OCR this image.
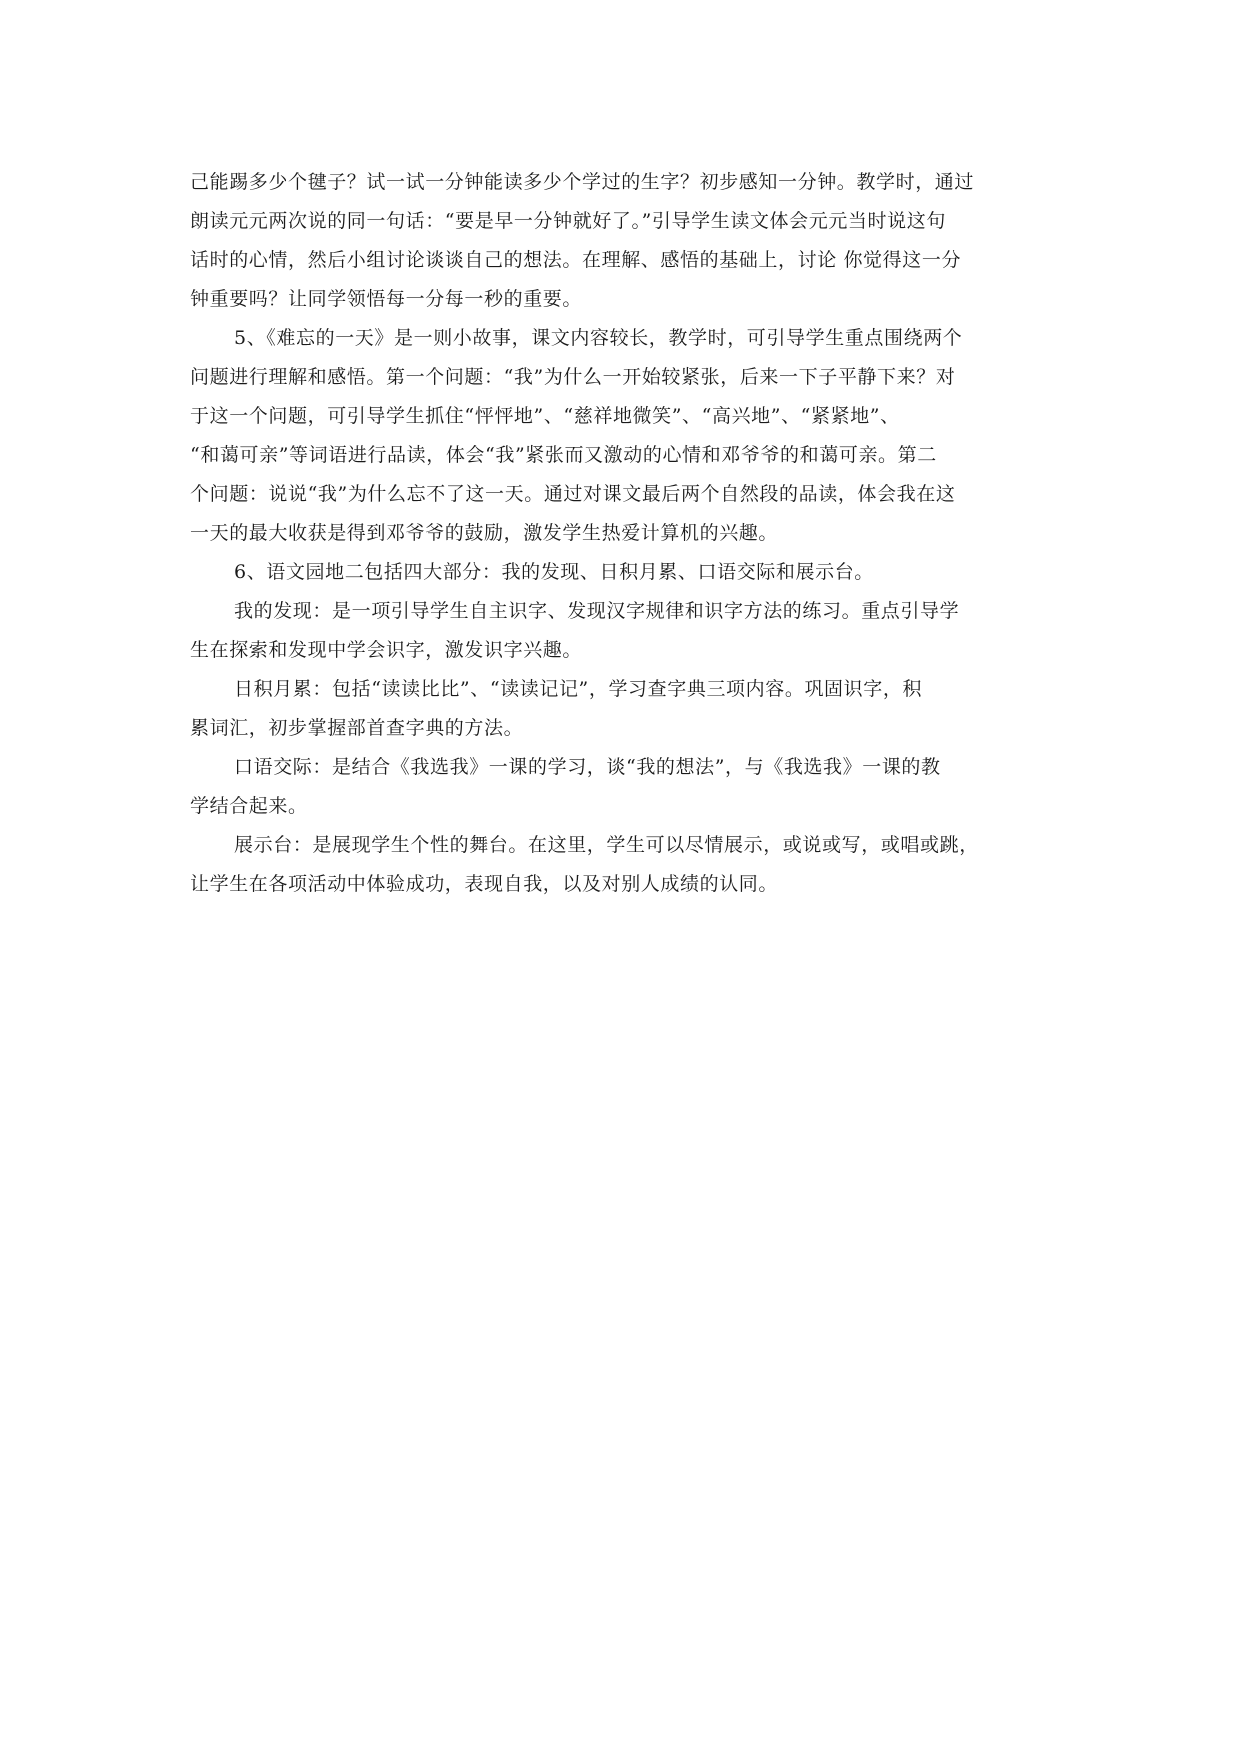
己能踢多少个毽子？试一试一分钟能读多少个学过的生字？初步感知一分钟。教学时，通过
朗读元元两次说的同一句话：“要是早一分钟就好了。”引导学生读文体会元元当时说这句
话时的心情，然后小组讨论谈谈自己的想法。在理解、感悟的基础上，讨论 你觉得这一分
钟重要吗？让同学领悟每一分每一秒的重要。
5、《难忘的一天》是一则小故事，课文内容较长，教学时，可引导学生重点围绕两个
问题进行理解和感悟。第一个问题：“我”为什么一开始较紧张，后来一下子平静下来？对
于这一个问题，可引导学生抓住“怦怦地”、“慈祥地微笑”、“高兴地”、“紧紧地”、
“和蔼可亲”等词语进行品读，体会“我”紧张而又激动的心情和邓爷爷的和蔼可亲。第二
个问题：说说“我”为什么忘不了这一天。通过对课文最后两个自然段的品读，体会我在这
一天的最大收获是得到邓爷爷的鼓励，激发学生热爱计算机的兴趣。
6、语文园地二包括四大部分：我的发现、日积月累、口语交际和展示台。
我的发现：是一项引导学生自主识字、发现汉字规律和识字方法的练习。重点引导学
生在探索和发现中学会识字，激发识字兴趣。
日积月累：包括“读读比比”、“读读记记”，学习查字典三项内容。巩固识字，积
累词汇，初步掌握部首查字典的方法。
口语交际：是结合《我选我》一课的学习，谈“我的想法”，与《我选我》一课的教
学结合起来。
展示台：是展现学生个性的舞台。在这里，学生可以尽情展示，或说或写，或唱或跳，
让学生在各项活动中体验成功，表现自我，以及对别人成绩的认同。
